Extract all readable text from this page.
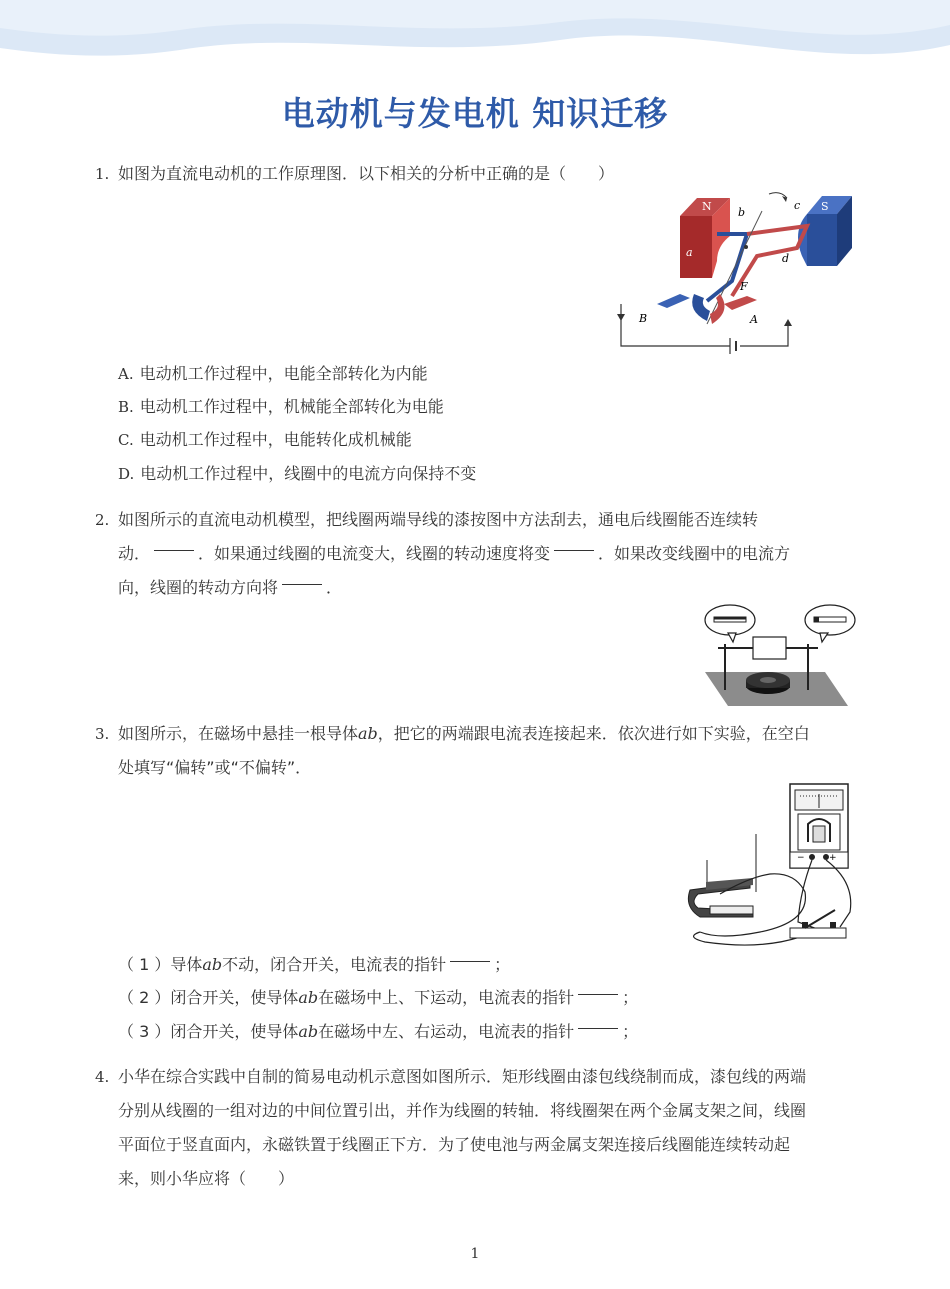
电动机与发电机 知识迁移
1. 如图为直流电动机的工作原理图．以下相关的分析中正确的是（　　）
N
a
S
b
c
d
F
B	A
A. 电动机工作过程中，电能全部转化为内能
B. 电动机工作过程中，机械能全部转化为电能
C. 电动机工作过程中，电能转化成机械能
D. 电动机工作过程中，线圈中的电流方向保持不变
2. 如图所示的直流电动机模型，把线圈两端导线的漆按图中方法刮去，通电后线圈能否连续转
动．	．如果通过线圈的电流变大，线圈的转动速度将变	．如果改变线圈中的电流方
向，线圈的转动方向将	．
3. 如图所示，在磁场中悬挂一根导体ab，把它的两端跟电流表连接起来．依次进行如下实验，在空白
处填写“偏转”或“不偏转”．
−	+
（ 1 ）导体ab不动，闭合开关，电流表的指针	；
（ 2 ）闭合开关，使导体ab在磁场中上、下运动，电流表的指针	；
（ 3 ）闭合开关，使导体ab在磁场中左、右运动，电流表的指针	；
4. 小华在综合实践中自制的简易电动机示意图如图所示．矩形线圈由漆包线绕制而成，漆包线的两端
分别从线圈的一组对边的中间位置引出，并作为线圈的转轴．将线圈架在两个金属支架之间，线圈
平面位于竖直面内，永磁铁置于线圈正下方．为了使电池与两金属支架连接后线圈能连续转动起
来，则小华应将（　　）
1
